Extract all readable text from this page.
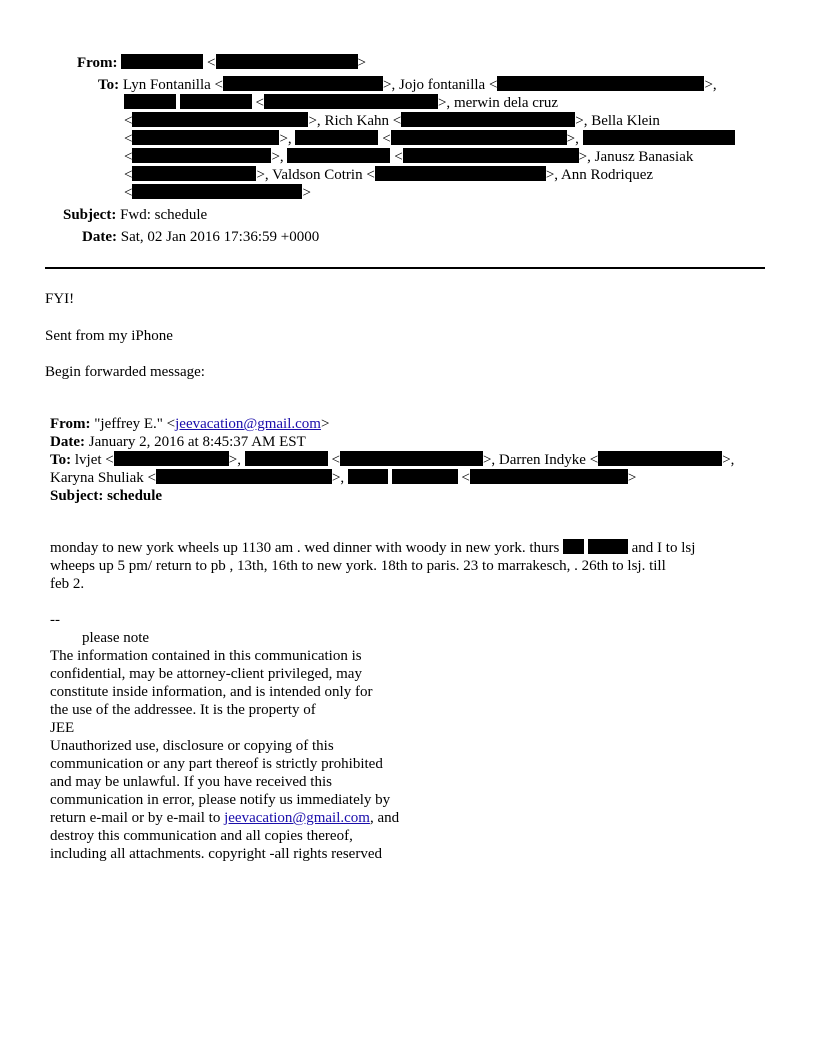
From:	<	>
To: Lyn Fontanilla <	>, Jojo fontanilla <	>,
<	>, merwin dela cruz
<	>, Rich Kahn <	>, Bella Klein
<	>,	<	>,
<	>,	<	>, Janusz Banasiak
<	>, Valdson Cotrin <	>, Ann Rodriquez
<	>
Subject: Fwd: schedule
Date: Sat, 02 Jan 2016 17:36:59 +0000
FYI!
Sent from my iPhone
Begin forwarded message:
From: "jeffrey E." <jeevacation@gmail.com>
Date: January 2, 2016 at 8:45:37 AM EST
To: lvjet <	>,	<	>, Darren Indyke <	>,
Karyna Shuliak <	>,	<	>
Subject: schedule
monday to new york wheels up 1130 am . wed dinner with woody in new york. thurs	and I to lsj
wheeps up 5 pm/ return to pb , 13th, 16th to new york. 18th to paris. 23 to marrakesch, . 26th to lsj. till
feb 2.
--
please note
The information contained in this communication is
confidential, may be attorney-client privileged, may
constitute inside information, and is intended only for
the use of the addressee. It is the property of
JEE
Unauthorized use, disclosure or copying of this
communication or any part thereof is strictly prohibited
and may be unlawful. If you have received this
communication in error, please notify us immediately by
return e-mail or by e-mail to jeevacation@gmail.com, and
destroy this communication and all copies thereof,
including all attachments. copyright -all rights reserved
